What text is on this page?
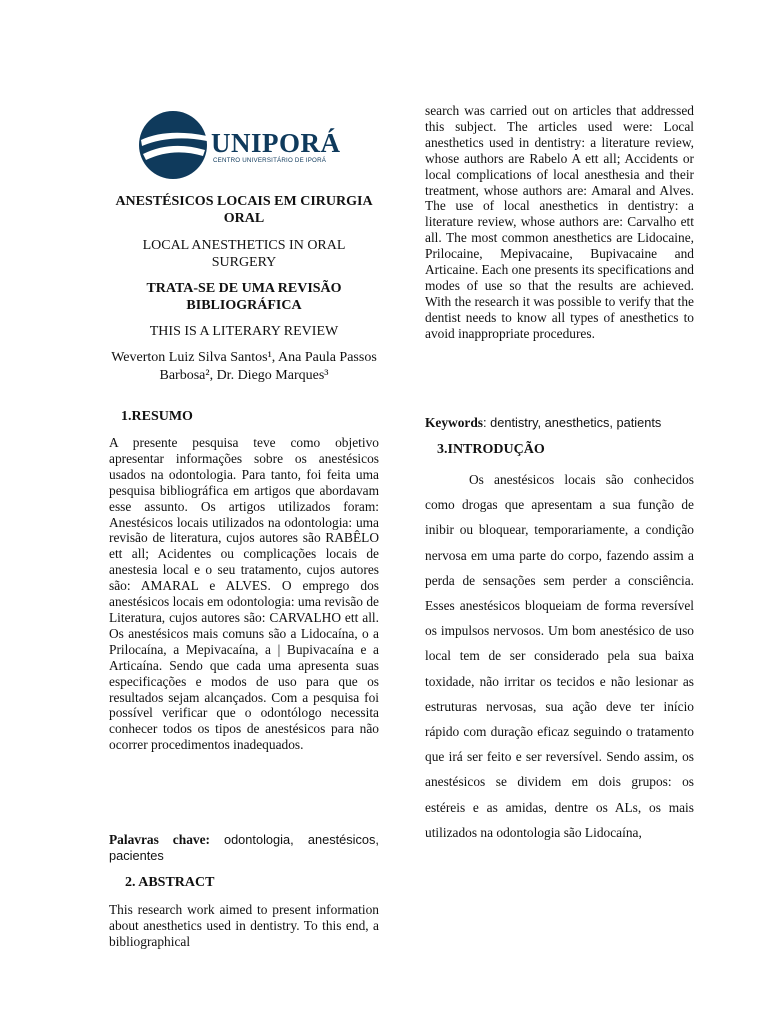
UNIPORÁ
CENTRO UNIVERSITÁRIO DE IPORÁ
ANESTÉSICOS LOCAIS EM CIRURGIA ORAL
LOCAL ANESTHETICS IN ORAL SURGERY
TRATA-SE DE UMA REVISÃO BIBLIOGRÁFICA
THIS IS A LITERARY REVIEW
Weverton Luiz Silva Santos¹, Ana Paula Passos Barbosa², Dr. Diego Marques³
1.RESUMO
A presente pesquisa teve como objetivo apresentar informações sobre os anestésicos usados na odontologia. Para tanto, foi feita uma pesquisa bibliográfica em artigos que abordavam esse assunto. Os artigos utilizados foram: Anestésicos locais utilizados na odontologia: uma revisão de literatura, cujos autores são RABÊLO ett all; Acidentes ou complicações locais de anestesia local e o seu tratamento, cujos autores são: AMARAL e ALVES. O emprego dos anestésicos locais em odontologia: uma revisão de Literatura, cujos autores são: CARVALHO ett all. Os anestésicos mais comuns são a Lidocaína, o a Prilocaína, a Mepivacaína, a | Bupivacaína e a Articaína. Sendo que cada uma apresenta suas especificações e modos de uso para que os resultados sejam alcançados. Com a pesquisa foi possível verificar que o odontólogo necessita conhecer todos os tipos de anestésicos para não ocorrer procedimentos inadequados.
Palavras chave: odontologia, anestésicos, pacientes
2. ABSTRACT
This research work aimed to present information about anesthetics used in dentistry. To this end, a bibliographical
search was carried out on articles that addressed this subject. The articles used were: Local anesthetics used in dentistry: a literature review, whose authors are Rabelo A ett all; Accidents or local complications of local anesthesia and their treatment, whose authors are: Amaral and Alves. The use of local anesthetics in dentistry: a literature review, whose authors are: Carvalho ett all. The most common anesthetics are Lidocaine, Prilocaine, Mepivacaine, Bupivacaine and Articaine. Each one presents its specifications and modes of use so that the results are achieved. With the research it was possible to verify that the dentist needs to know all types of anesthetics to avoid inappropriate procedures.
Keywords: dentistry, anesthetics, patients
3.INTRODUÇÃO
Os anestésicos locais são conhecidos como drogas que apresentam a sua função de inibir ou bloquear, temporariamente, a condição nervosa em uma parte do corpo, fazendo assim a perda de sensações sem perder a consciência. Esses anestésicos bloqueiam de forma reversível os impulsos nervosos. Um bom anestésico de uso local tem de ser considerado pela sua baixa toxidade, não irritar os tecidos e não lesionar as estruturas nervosas, sua ação deve ter início rápido com duração eficaz seguindo o tratamento que irá ser feito e ser reversível. Sendo assim, os anestésicos se dividem em dois grupos: os estéreis e as amidas, dentre os ALs, os mais utilizados na odontologia são Lidocaína,
